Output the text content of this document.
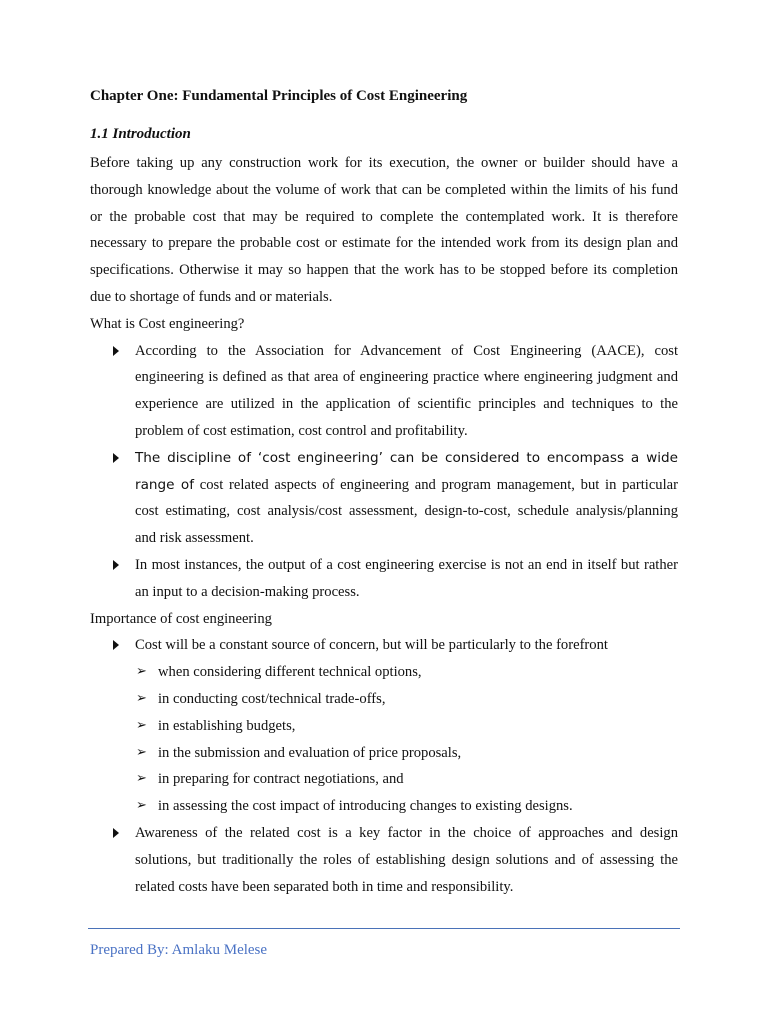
Chapter One: Fundamental Principles of Cost Engineering
1.1 Introduction

Before taking up any construction work for its execution, the owner or builder should have a thorough knowledge about the volume of work that can be completed within the limits of his fund or the probable cost that may be required to complete the contemplated work. It is therefore necessary to prepare the probable cost or estimate for the intended work from its design plan and specifications. Otherwise it may so happen that the work has to be stopped before its completion due to shortage of funds and or materials.

What is Cost engineering?

According to the Association for Advancement of Cost Engineering (AACE), cost engineering is defined as that area of engineering practice where engineering judgment and experience are utilized in the application of scientific principles and techniques to the problem of cost estimation, cost control and profitability.
The discipline of ‘cost engineering’ can be considered to encompass a wide range of cost related aspects of engineering and program management, but in particular cost estimating, cost analysis/cost assessment, design-to-cost, schedule analysis/planning and risk assessment.
In most instances, the output of a cost engineering exercise is not an end in itself but rather an input to a decision-making process.

Importance of cost engineering

Cost will be a constant source of concern, but will be particularly to the forefront
➢ when considering different technical options,
➢ in conducting cost/technical trade-offs,
➢ in establishing budgets,
➢ in the submission and evaluation of price proposals,
➢ in preparing for contract negotiations, and
➢ in assessing the cost impact of introducing changes to existing designs.
Awareness of the related cost is a key factor in the choice of approaches and design solutions, but traditionally the roles of establishing design solutions and of assessing the related costs have been separated both in time and responsibility.
Prepared By: Amlaku Melese
